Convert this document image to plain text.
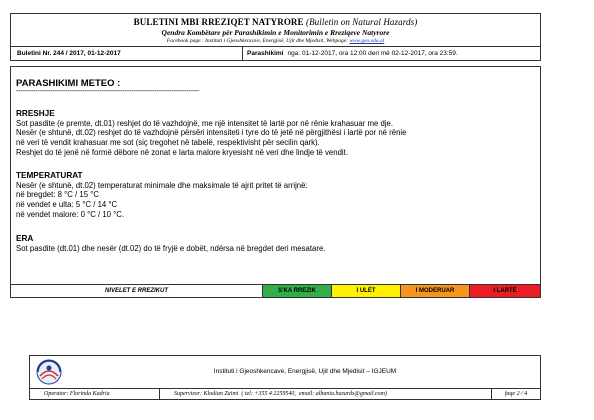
BULETINI MBI RREZIQET NATYRORE (Bulletin on Natural Hazards)
Qendra Kombëtare për Parashikimin e Monitorimin e Rreziqeve Natyrore
Facebook page : Instituti i Gjeoshkencave, Energjisë, Ujit dhe Mjedisit, Webpage: www.geo.edu.al
Buletini Nr. 244 / 2017, 01-12-2017	Parashikimi nga: 01-12-2017, ora 12:00 deri më 02-12-2017, ora 23:59.
PARASHIKIMI METEO :
--------------------------------------------------------------------------------------
RRESHJE
Sot pasdite (e premte, dt.01) reshjet do të vazhdojnë, me një intensitet të lartë por në rënie krahasuar me dje.
Nesër (e shtunë, dt.02) reshjet do të vazhdojnë përsëri intensiteti i tyre do të jetë në përgjithësi i lartë por në rënie
në veri të vendit krahasuar me sot (siç tregohet në tabelë, respektivisht për secilin qark).
Reshjet do të jenë në formë dëbore në zonat e larta malore kryesisht në veri dhe lindje të vendit.
TEMPERATURAT
Nesër (e shtunë, dt.02) temperaturat minimale dhe maksimale të ajrit pritet të arrijnë:
në bregdet: 8 °C / 15 °C
në vendet e ulta: 5 °C / 14 °C
në vendet malore: 0 °C / 10 °C.
ERA
Sot pasdite (dt.01) dhe nesër (dt.02) do të fryjë e dobët, ndërsa në bregdet deri mesatare.
NIVELET E RREZIKUT	S'KA RREZIK	I ULËT	I MODERUAR	I LARTË
Instituti i Gjeoshkencave, Energjisë, Ujit dhe Mjedisit – IGJEUM
Operator: Florinda Kadria	Supervizor: Klodian Zaimi  ( tel: +355 4 2259540,  email: albania.hazards@gmail.com)	faqe 2 / 4
